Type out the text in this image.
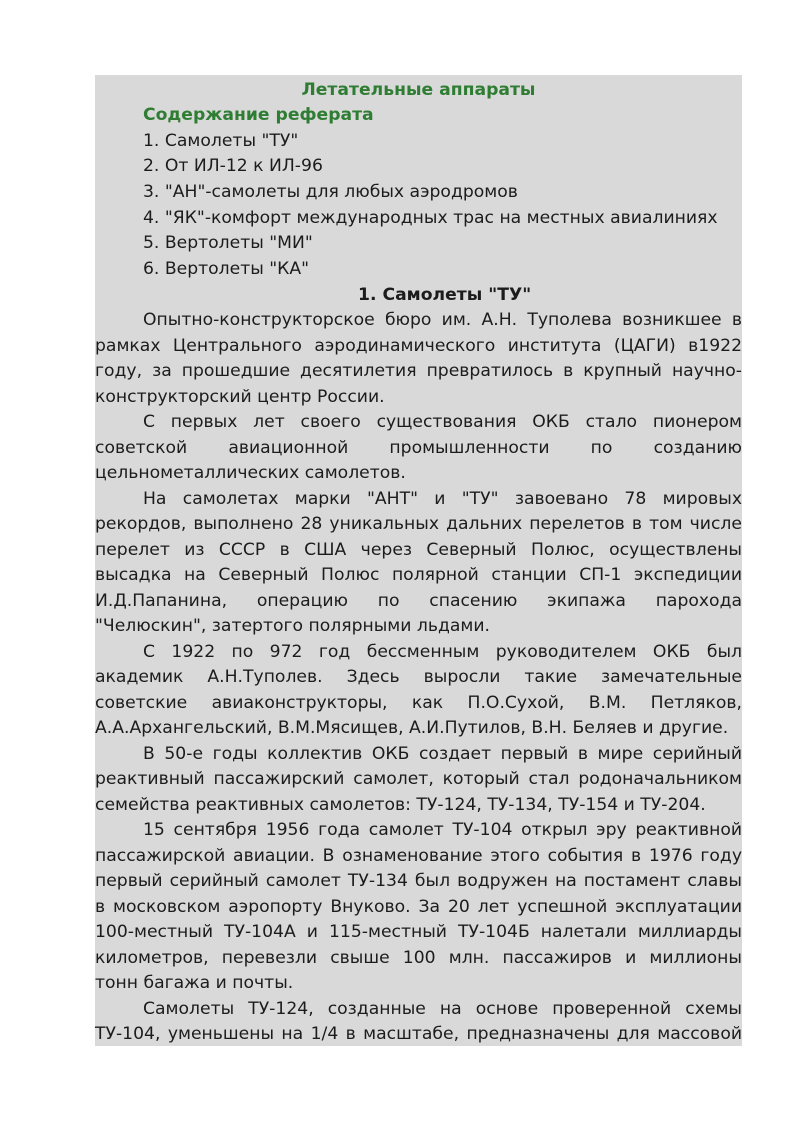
Летательные аппараты
Содержание реферата
1. Самолеты "ТУ"
2. От ИЛ-12 к ИЛ-96
3. "АН"-самолеты для любых аэродромов
4. "ЯК"-комфорт международных трас на местных авиалиниях
5. Вертолеты "МИ"
6. Вертолеты "КА"
1. Самолеты "ТУ"
Опытно-конструкторское бюро им. А.Н. Туполева возникшее в
рамках Центрального аэродинамического института (ЦАГИ) в1922
году, за прошедшие десятилетия превратилось в крупный научно-
конструкторский центр России.
С первых лет своего существования ОКБ стало пионером
советской авиационной промышленности по созданию
цельнометаллических самолетов.
На самолетах марки "АНТ" и "ТУ" завоевано 78 мировых
рекордов, выполнено 28 уникальных дальних перелетов в том числе
перелет из СССР в США через Северный Полюс, осуществлены
высадка на Северный Полюс полярной станции СП-1 экспедиции
И.Д.Папанина, операцию по спасению экипажа парохода
"Челюскин", затертого полярными льдами.
С 1922 по 972 год бессменным руководителем ОКБ был
академик А.Н.Туполев. Здесь выросли такие замечательные
советские авиаконструкторы, как П.О.Сухой, В.М. Петляков,
А.А.Архангельский, В.М.Мясищев, А.И.Путилов, В.Н. Беляев и другие.
В 50-е годы коллектив ОКБ создает первый в мире серийный
реактивный пассажирский самолет, который стал родоначальником
семейства реактивных самолетов: ТУ-124, ТУ-134, ТУ-154 и ТУ-204.
15 сентября 1956 года самолет ТУ-104 открыл эру реактивной
пассажирской авиации. В ознаменование этого события в 1976 году
первый серийный самолет ТУ-134 был водружен на постамент славы
в московском аэропорту Внуково. За 20 лет успешной эксплуатации
100-местный ТУ-104А и 115-местный ТУ-104Б налетали миллиарды
километров, перевезли свыше 100 млн. пассажиров и миллионы
тонн багажа и почты.
Самолеты ТУ-124, созданные на основе проверенной схемы
ТУ-104, уменьшены на 1/4 в масштабе, предназначены для массовой
